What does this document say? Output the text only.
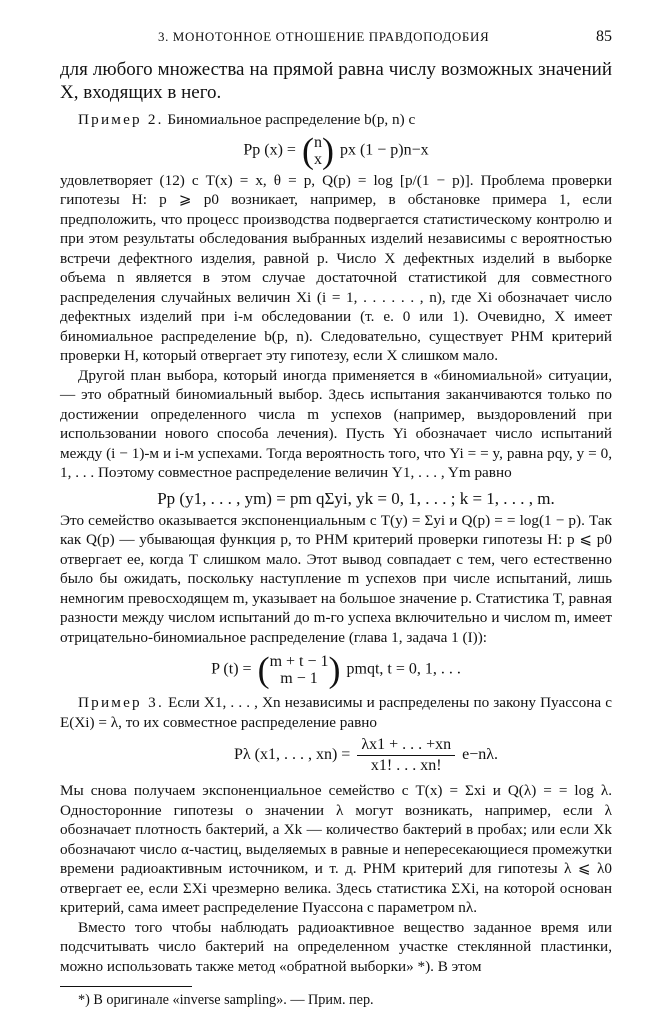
3. МОНОТОННОЕ ОТНОШЕНИЕ ПРАВДОПОДОБИЯ	85

для любого множества на прямой равна числу возможных значений X, входящих в него.

Пример 2. Биномиальное распределение b(p, n) с

Pp (x) = (n
x) px (1 − p)n−x

удовлетворяет (12) с T(x) = x, θ = p, Q(p) = log [p/(1 − p)]. Проблема проверки гипотезы H: p ⩾ p0 возникает, например, в обстановке примера 1, если предположить, что процесс производства подвергается статистическому контролю и при этом результаты обследования выбранных изделий независимы с вероятностью встречи дефектного изделия, равной p. Число X дефектных изделий в выборке объема n является в этом случае достаточной статистикой для совместного распределения случайных величин Xi (i = 1, . . . . . . , n), где Xi обозначает число дефектных изделий при i-м обследовании (т. е. 0 или 1). Очевидно, X имеет биномиальное распределение b(p, n). Следовательно, существует РНМ критерий проверки H, который отвергает эту гипотезу, если X слишком мало.

Другой план выбора, который иногда применяется в «биномиальной» ситуации, — это обратный биномиальный выбор. Здесь испытания заканчиваются только по достижении определенного числа m успехов (например, выздоровлений при использовании нового способа лечения). Пусть Yi обозначает число испытаний между (i − 1)-м и i-м успехами. Тогда вероятность того, что Yi = = y, равна pqy, y = 0, 1, . . . Поэтому совместное распределение величин Y1, . . . , Ym равно

Pp (y1, . . . , ym) = pm qΣyi, yk = 0, 1, . . . ; k = 1, . . . , m.

Это семейство оказывается экспоненциальным с T(y) = Σyi и Q(p) = = log(1 − p). Так как Q(p) — убывающая функция p, то РНМ критерий проверки гипотезы H: p ⩽ p0 отвергает ее, когда T слишком мало. Этот вывод совпадает с тем, чего естественно было бы ожидать, поскольку наступление m успехов при числе испытаний, лишь немногим превосходящем m, указывает на большое значение p. Статистика T, равная разности между числом испытаний до m-го успеха включительно и числом m, имеет отрицательно-биномиальное распределение (глава 1, задача 1 (I)):

P (t) = (m + t − 1
m − 1 ) pmqt, t = 0, 1, . . .

Пример 3. Если X1, . . . , Xn независимы и распределены по закону Пуассона с E(Xi) = λ, то их совместное распределение равно

Pλ (x1, . . . , $xn) = \frac{\lambda x1 + . . . +xn}{x1! . . . xn!} e-n\lambda$.

Мы снова получаем экспоненциальное семейство с T(x) = Σxi и Q(λ) = = log λ. Односторонние гипотезы о значении λ могут возникать, например, если λ обозначает плотность бактерий, а Xk — количество бактерий в пробах; или если Xk обозначают число α-частиц, выделяемых в равные и непересекающиеся промежутки времени радиоактивным источником, и т. д. РНМ критерий для гипотезы λ ⩽ λ0 отвергает ее, если ΣXi чрезмерно велика. Здесь статистика ΣXi, на которой основан критерий, сама имеет распределение Пуассона с параметром nλ.

Вместо того чтобы наблюдать радиоактивное вещество заданное время или подсчитывать число бактерий на определенном участке стеклянной пластинки, можно использовать также метод «обратной выборки» *). В этом

*) В оригинале «inverse sampling». — Прим. пер.
